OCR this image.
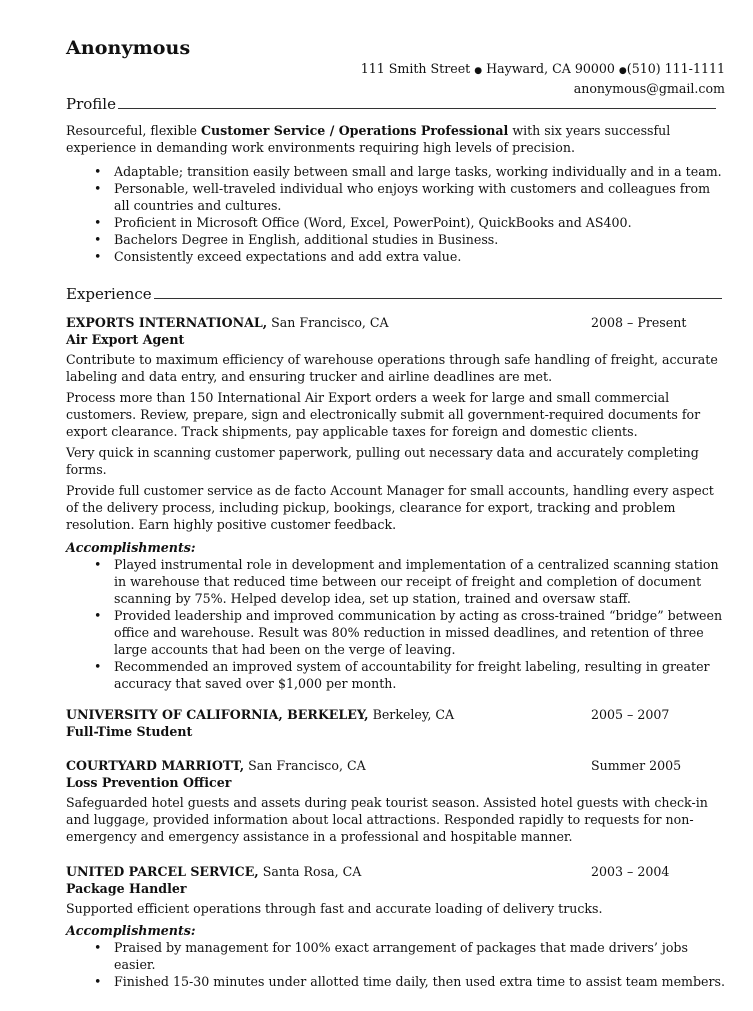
Anonymous
111 Smith Street ● Hayward, CA 90000 ●(510) 111-1111
anonymous@gmail.com
Profile

Resourceful, flexible Customer Service / Operations Professional with six years successful experience in demanding work environments requiring high levels of precision.

• Adaptable; transition easily between small and large tasks, working individually and in a team.
• Personable, well-traveled individual who enjoys working with customers and colleagues from all countries and cultures.
• Proficient in Microsoft Office (Word, Excel, PowerPoint), QuickBooks and AS400.
• Bachelors Degree in English, additional studies in Business.
• Consistently exceed expectations and add extra value.
Experience
EXPORTS INTERNATIONAL, San Francisco, CA	2008 – Present
Air Export Agent

Contribute to maximum efficiency of warehouse operations through safe handling of freight, accurate labeling and data entry, and ensuring trucker and airline deadlines are met.

Process more than 150 International Air Export orders a week for large and small commercial customers. Review, prepare, sign and electronically submit all government-required documents for export clearance. Track shipments, pay applicable taxes for foreign and domestic clients.

Very quick in scanning customer paperwork, pulling out necessary data and accurately completing forms.

Provide full customer service as de facto Account Manager for small accounts, handling every aspect of the delivery process, including pickup, bookings, clearance for export, tracking and problem resolution. Earn highly positive customer feedback.

Accomplishments:
• Played instrumental role in development and implementation of a centralized scanning station in warehouse that reduced time between our receipt of freight and completion of document scanning by 75%. Helped develop idea, set up station, trained and oversaw staff.
• Provided leadership and improved communication by acting as cross-trained “bridge” between office and warehouse. Result was 80% reduction in missed deadlines, and retention of three large accounts that had been on the verge of leaving.
• Recommended an improved system of accountability for freight labeling, resulting in greater accuracy that saved over $1,000 per month.
UNIVERSITY OF CALIFORNIA, BERKELEY, Berkeley, CA	2005 – 2007
Full-Time Student
COURTYARD MARRIOTT, San Francisco, CA	Summer 2005
Loss Prevention Officer

Safeguarded hotel guests and assets during peak tourist season. Assisted hotel guests with check-in and luggage, provided information about local attractions. Responded rapidly to requests for non-emergency and emergency assistance in a professional and hospitable manner.

UNITED PARCEL SERVICE, Santa Rosa, CA	2003 – 2004
Package Handler

Supported efficient operations through fast and accurate loading of delivery trucks.

Accomplishments:
• Praised by management for 100% exact arrangement of packages that made drivers’ jobs easier.
• Finished 15-30 minutes under allotted time daily, then used extra time to assist team members.
